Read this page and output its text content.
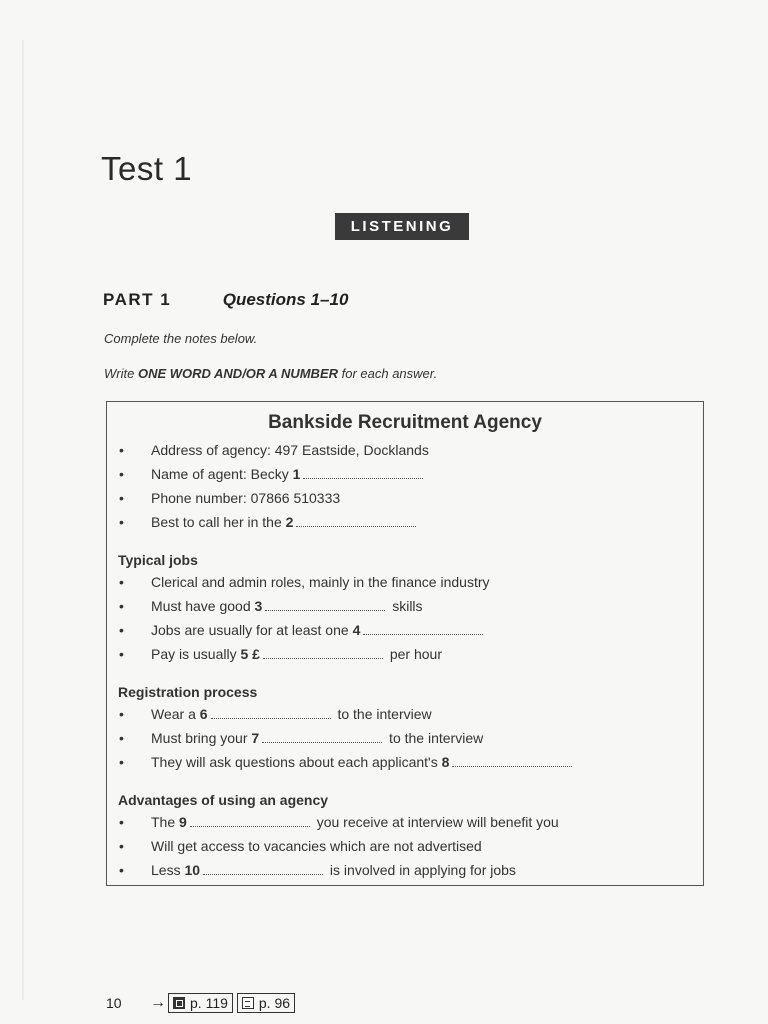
Test 1
LISTENING
PART 1	Questions 1–10
Complete the notes below.
Write ONE WORD AND/OR A NUMBER for each answer.
Bankside Recruitment Agency
• Address of agency: 497 Eastside, Docklands
• Name of agent: Becky 1
• Phone number: 07866 510333
• Best to call her in the 2
Typical jobs
• Clerical and admin roles, mainly in the finance industry
• Must have good 3	skills
• Jobs are usually for at least one 4
• Pay is usually 5 £	per hour
Registration process
• Wear a 6	to the interview
• Must bring your 7	to the interview
• They will ask questions about each applicant's 8
Advantages of using an agency
• The 9	you receive at interview will benefit you
• Will get access to vacancies which are not advertised
• Less 10	is involved in applying for jobs
10	→ p. 119 p. 96
